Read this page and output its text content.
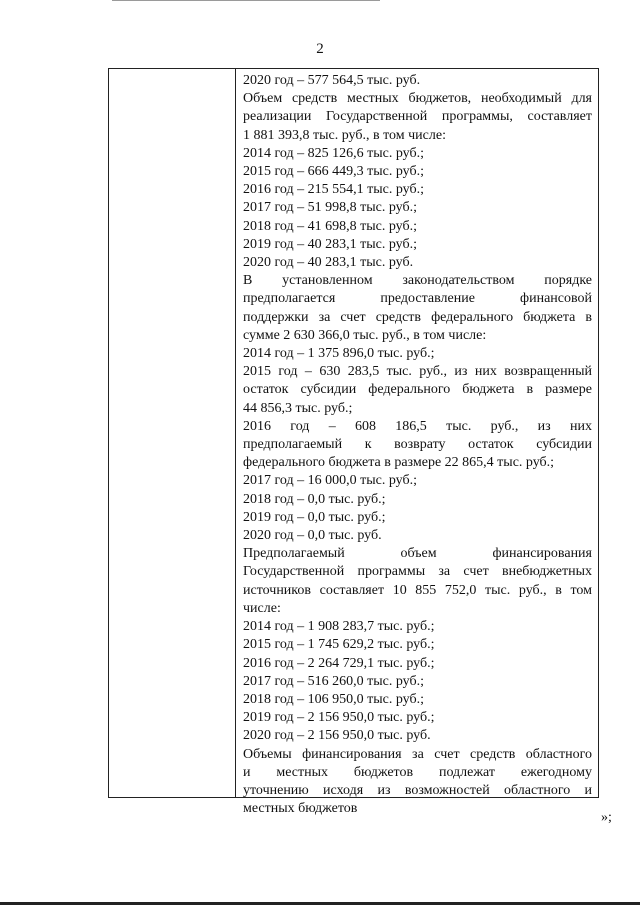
2
2020 год – 577 564,5 тыс. руб.
Объем средств местных бюджетов, необходимый для
реализации Государственной программы, составляет
1 881 393,8 тыс. руб., в том числе:
2014 год – 825 126,6 тыс. руб.;
2015 год – 666 449,3 тыс. руб.;
2016 год – 215 554,1 тыс. руб.;
2017 год – 51 998,8 тыс. руб.;
2018 год – 41 698,8 тыс. руб.;
2019 год – 40 283,1 тыс. руб.;
2020 год – 40 283,1 тыс. руб.
В установленном законодательством порядке
предполагается предоставление финансовой
поддержки за счет средств федерального бюджета в
сумме 2 630 366,0 тыс. руб., в том числе:
2014 год – 1 375 896,0 тыс. руб.;
2015 год – 630 283,5 тыс. руб., из них возвращенный
остаток субсидии федерального бюджета в размере
44 856,3 тыс. руб.;
2016 год – 608 186,5 тыс. руб., из них
предполагаемый к возврату остаток субсидии
федерального бюджета в размере 22 865,4 тыс. руб.;
2017 год – 16 000,0 тыс. руб.;
2018 год – 0,0 тыс. руб.;
2019 год – 0,0 тыс. руб.;
2020 год – 0,0 тыс. руб.
Предполагаемый объем финансирования
Государственной программы за счет внебюджетных
источников составляет 10 855 752,0 тыс. руб., в том
числе:
2014 год – 1 908 283,7 тыс. руб.;
2015 год – 1 745 629,2 тыс. руб.;
2016 год – 2 264 729,1 тыс. руб.;
2017 год – 516 260,0 тыс. руб.;
2018 год – 106 950,0 тыс. руб.;
2019 год – 2 156 950,0 тыс. руб.;
2020 год – 2 156 950,0 тыс. руб.
Объемы финансирования за счет средств областного
и местных бюджетов подлежат ежегодному
уточнению исходя из возможностей областного и
местных бюджетов
»;
